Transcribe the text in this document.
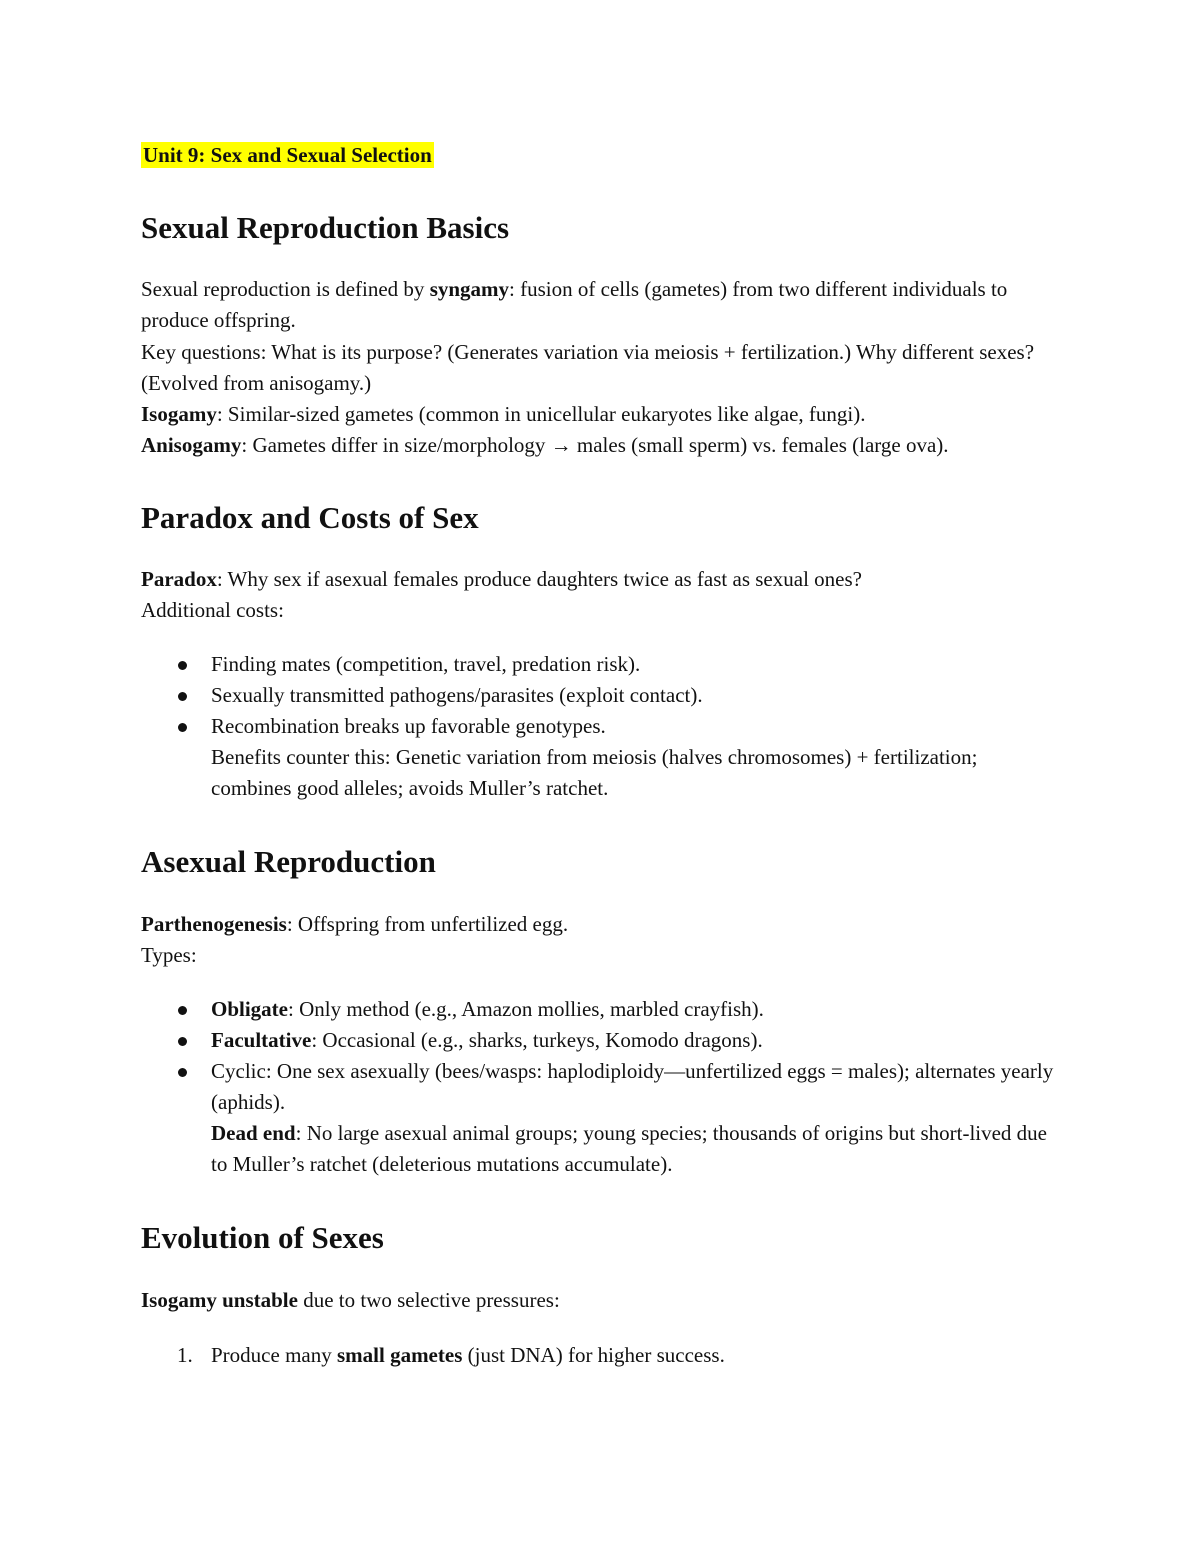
Unit 9: Sex and Sexual Selection

Sexual Reproduction Basics

Sexual reproduction is defined by syngamy: fusion of cells (gametes) from two different individuals to produce offspring.

Key questions: What is its purpose? (Generates variation via meiosis + fertilization.) Why different sexes? (Evolved from anisogamy.)

Isogamy: Similar-sized gametes (common in unicellular eukaryotes like algae, fungi).

Anisogamy: Gametes differ in size/morphology → males (small sperm) vs. females (large ova).

Paradox and Costs of Sex

Paradox: Why sex if asexual females produce daughters twice as fast as sexual ones?

Additional costs:

Finding mates (competition, travel, predation risk).
Sexually transmitted pathogens/parasites (exploit contact).
Recombination breaks up favorable genotypes.
Benefits counter this: Genetic variation from meiosis (halves chromosomes) + fertilization; combines good alleles; avoids Muller’s ratchet.
Asexual Reproduction

Parthenogenesis: Offspring from unfertilized egg.

Types:

Obligate: Only method (e.g., Amazon mollies, marbled crayfish).
Facultative: Occasional (e.g., sharks, turkeys, Komodo dragons).
Cyclic: One sex asexually (bees/wasps: haplodiploidy—unfertilized eggs = males); alternates yearly (aphids).
Dead end: No large asexual animal groups; young species; thousands of origins but short-lived due to Muller’s ratchet (deleterious mutations accumulate).
Evolution of Sexes

Isogamy unstable due to two selective pressures:

1. Produce many small gametes (just DNA) for higher success.
